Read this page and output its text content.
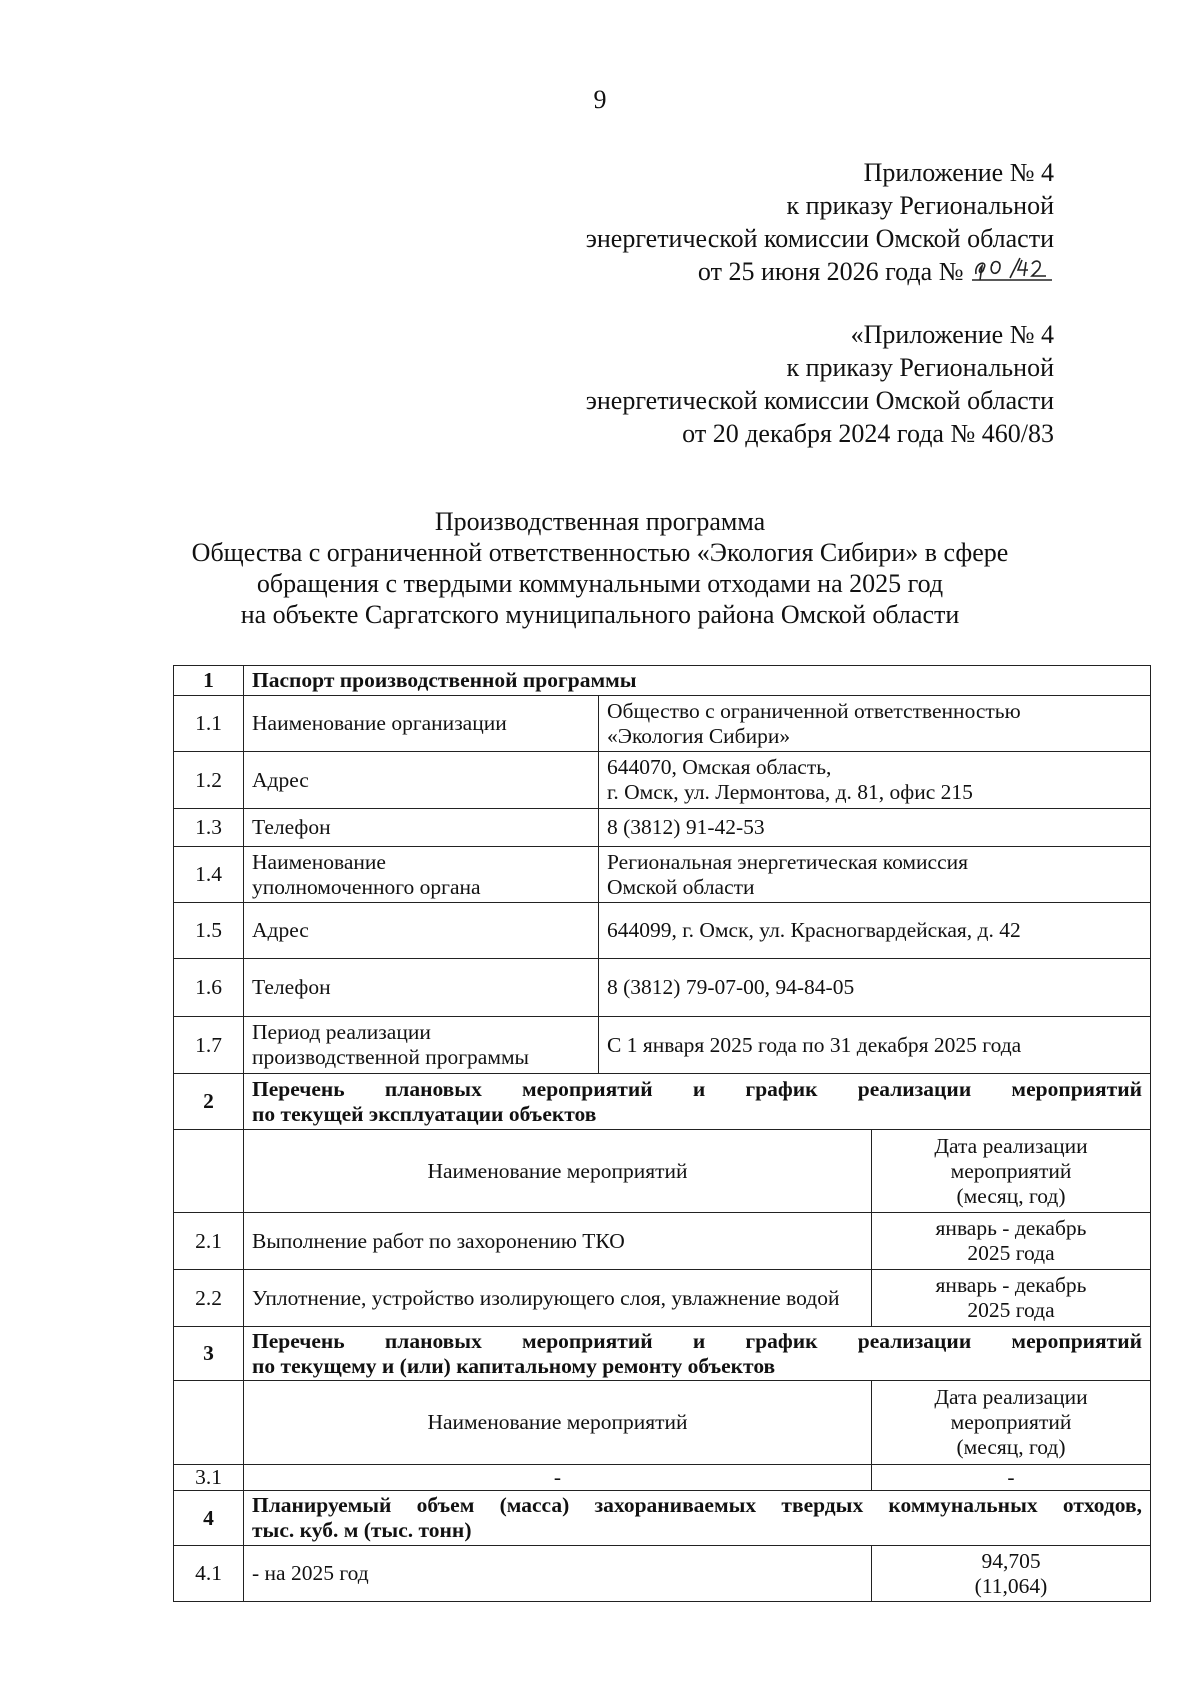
9
Приложение № 4
к приказу Региональной
энергетической комиссии Омской области
от 25 июня 2026 года №
«Приложение № 4
к приказу Региональной
энергетической комиссии Омской области
от 20 декабря 2024 года № 460/83
Производственная программа
Общества с ограниченной ответственностью «Экология Сибири» в сфере
обращения с твердыми коммунальными отходами на 2025 год
на объекте Саргатского муниципального района Омской области
1	Паспорт производственной программы		
1.1	Наименование организации	Общество с ограниченной ответственностью
«Экология Сибири»	

1.2	Адрес	644070, Омская область,
г. Омск, ул. Лермонтова, д. 81, офис 215	

1.3	Телефон	8 (3812) 91-42-53	
1.4	Наименование
уполномоченного органа	Региональная энергетическая комиссия
Омской области	

1.5	Адрес	644099, г. Омск, ул. Красногвардейская, д. 42	
1.6	Телефон	8 (3812) 79-07-00, 94-84-05	
1.7	Период реализации
производственной программы	С 1 января 2025 года по 31 декабря 2025 года	
2	Перечень плановых мероприятий и график реализации мероприятий
по текущей эксплуатации объектов		

	Наименование мероприятий		Дата реализации
мероприятий
(месяц, год)

2.1	Выполнение работ по захоронению ТКО		январь - декабрь
2025 года

2.2	Уплотнение, устройство изолирующего слоя, увлажнение водой		январь - декабрь
2025 года

3	Перечень плановых мероприятий и график реализации мероприятий
по текущему и (или) капитальному ремонту объектов		

	Наименование мероприятий		Дата реализации
мероприятий
(месяц, год)

3.1	-		-
4	Планируемый объем (масса) захораниваемых твердых коммунальных отходов,
тыс. куб. м (тыс. тонн)		

4.1	- на 2025 год		94,705
(11,064)
